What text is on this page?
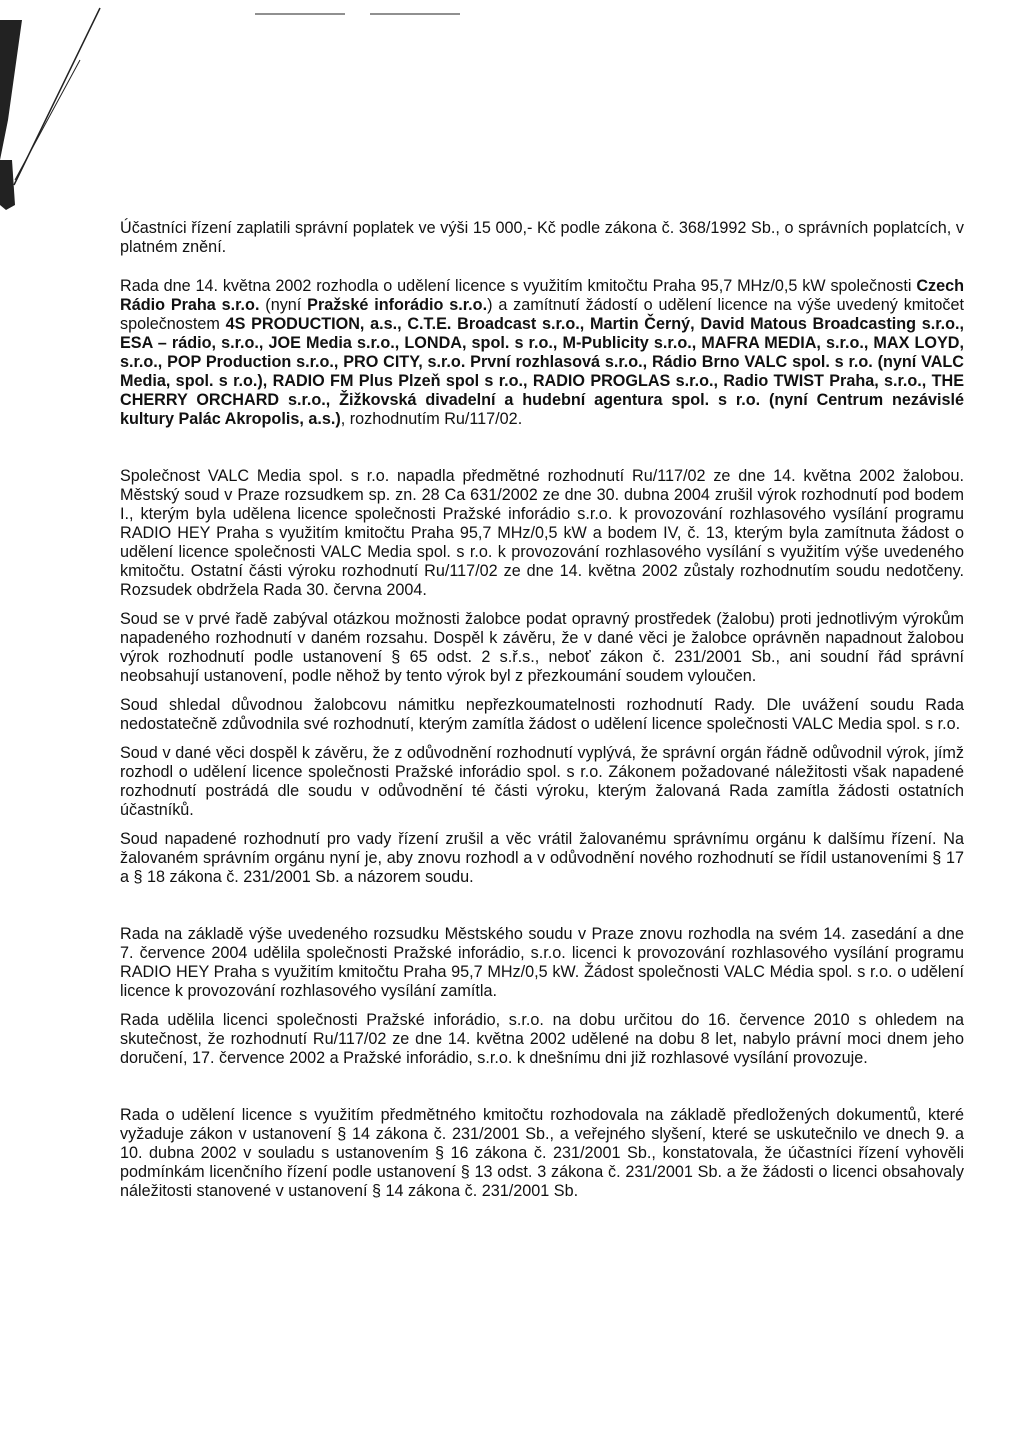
Účastníci řízení zaplatili správní poplatek ve výši 15 000,- Kč podle zákona č. 368/1992 Sb., o správních poplatcích, v platném znění.

Rada dne 14. května 2002 rozhodla o udělení licence s využitím kmitočtu Praha 95,7 MHz/0,5 kW společnosti Czech Rádio Praha s.r.o. (nyní Pražské inforádio s.r.o.) a zamítnutí žádostí o udělení licence na výše uvedený kmitočet společnostem 4S PRODUCTION, a.s., C.T.E. Broadcast s.r.o., Martin Černý, David Matous Broadcasting s.r.o., ESA – rádio, s.r.o., JOE Media s.r.o., LONDA, spol. s r.o., M-Publicity s.r.o., MAFRA MEDIA, s.r.o., MAX LOYD, s.r.o., POP Production s.r.o., PRO CITY, s.r.o. První rozhlasová s.r.o., Rádio Brno VALC spol. s r.o. (nyní VALC Media, spol. s r.o.), RADIO FM Plus Plzeň spol s r.o., RADIO PROGLAS s.r.o., Radio TWIST Praha, s.r.o., THE CHERRY ORCHARD s.r.o., Žižkovská divadelní a hudební agentura spol. s r.o. (nyní Centrum nezávislé kultury Palác Akropolis, a.s.), rozhodnutím Ru/117/02.

Společnost VALC Media spol. s r.o. napadla předmětné rozhodnutí Ru/117/02 ze dne 14. května 2002 žalobou. Městský soud v Praze rozsudkem sp. zn. 28 Ca 631/2002 ze dne 30. dubna 2004 zrušil výrok rozhodnutí pod bodem I., kterým byla udělena licence společnosti Pražské inforádio s.r.o. k provozování rozhlasového vysílání programu RADIO HEY Praha s využitím kmitočtu Praha 95,7 MHz/0,5 kW a bodem IV, č. 13, kterým byla zamítnuta žádost o udělení licence společnosti VALC Media spol. s r.o. k provozování rozhlasového vysílání s využitím výše uvedeného kmitočtu. Ostatní části výroku rozhodnutí Ru/117/02 ze dne 14. května 2002 zůstaly rozhodnutím soudu nedotčeny. Rozsudek obdržela Rada 30. června 2004.

Soud se v prvé řadě zabýval otázkou možnosti žalobce podat opravný prostředek (žalobu) proti jednotlivým výrokům napadeného rozhodnutí v daném rozsahu. Dospěl k závěru, že v dané věci je žalobce oprávněn napadnout žalobou výrok rozhodnutí podle ustanovení § 65 odst. 2 s.ř.s., neboť zákon č. 231/2001 Sb., ani soudní řád správní neobsahují ustanovení, podle něhož by tento výrok byl z přezkoumání soudem vyloučen.

Soud shledal důvodnou žalobcovu námitku nepřezkoumatelnosti rozhodnutí Rady. Dle uvážení soudu Rada nedostatečně zdůvodnila své rozhodnutí, kterým zamítla žádost o udělení licence společnosti VALC Media spol. s r.o.

Soud v dané věci dospěl k závěru, že z odůvodnění rozhodnutí vyplývá, že správní orgán řádně odůvodnil výrok, jímž rozhodl o udělení licence společnosti Pražské inforádio spol. s r.o. Zákonem požadované náležitosti však napadené rozhodnutí postrádá dle soudu v odůvodnění té části výroku, kterým žalovaná Rada zamítla žádosti ostatních účastníků.

Soud napadené rozhodnutí pro vady řízení zrušil a věc vrátil žalovanému správnímu orgánu k dalšímu řízení. Na žalovaném správním orgánu nyní je, aby znovu rozhodl a v odůvodnění nového rozhodnutí se řídil ustanoveními § 17 a § 18 zákona č. 231/2001 Sb. a názorem soudu.

Rada na základě výše uvedeného rozsudku Městského soudu v Praze znovu rozhodla na svém 14. zasedání a dne 7. července 2004 udělila společnosti Pražské inforádio, s.r.o. licenci k provozování rozhlasového vysílání programu RADIO HEY Praha s využitím kmitočtu Praha 95,7 MHz/0,5 kW. Žádost společnosti VALC Média spol. s r.o. o udělení licence k provozování rozhlasového vysílání zamítla.

Rada udělila licenci společnosti Pražské inforádio, s.r.o. na dobu určitou do 16. července 2010 s ohledem na skutečnost, že rozhodnutí Ru/117/02 ze dne 14. května 2002 udělené na dobu 8 let, nabylo právní moci dnem jeho doručení, 17. července 2002 a Pražské inforádio, s.r.o. k dnešnímu dni již rozhlasové vysílání provozuje.

Rada o udělení licence s využitím předmětného kmitočtu rozhodovala na základě předložených dokumentů, které vyžaduje zákon v ustanovení § 14 zákona č. 231/2001 Sb., a veřejného slyšení, které se uskutečnilo ve dnech 9. a 10. dubna 2002 v souladu s ustanovením § 16 zákona č. 231/2001 Sb., konstatovala, že účastníci řízení vyhověli podmínkám licenčního řízení podle ustanovení § 13 odst. 3 zákona č. 231/2001 Sb. a že žádosti o licenci obsahovaly náležitosti stanovené v ustanovení § 14 zákona č. 231/2001 Sb.
